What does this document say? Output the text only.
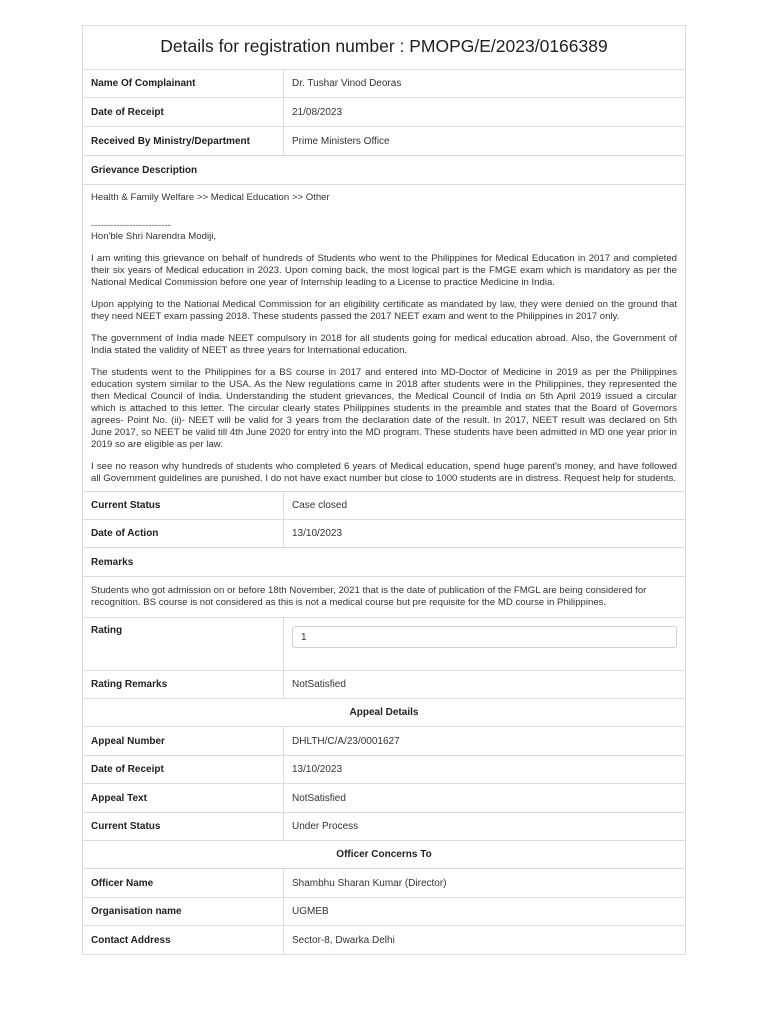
Details for registration number : PMOPG/E/2023/0166389
Name Of Complainant	Dr. Tushar Vinod Deoras
Date of Receipt	21/08/2023
Received By Ministry/Department	Prime Ministers Office
Grievance Description

Health & Family Welfare >> Medical Education >> Other

-------------------------

Hon'ble Shri Narendra Modiji,

I am writing this grievance on behalf of hundreds of Students who went to the Philippines for Medical Education in 2017 and completed their six years of Medical education in 2023. Upon coming back, the most logical part is the FMGE exam which is mandatory as per the National Medical Commission before one year of Internship leading to a License to practice Medicine in India.

Upon applying to the National Medical Commission for an eligibility certificate as mandated by law, they were denied on the ground that they need NEET exam passing 2018. These students passed the 2017 NEET exam and went to the Philippines in 2017 only.

The government of India made NEET compulsory in 2018 for all students going for medical education abroad. Also, the Government of India stated the validity of NEET as three years for International education.

The students went to the Philippines for a BS course in 2017 and entered into MD-Doctor of Medicine in 2019 as per the Philippines education system similar to the USA. As the New regulations came in 2018 after students were in the Philippines, they represented the then Medical Council of India. Understanding the student grievances, the Medical Council of India on 5th April 2019 issued a circular which is attached to this letter. The circular clearly states Philippines students in the preamble and states that the Board of Governors agrees- Point No. (ii)- NEET will be valid for 3 years from the declaration date of the result. In 2017, NEET result was declared on 5th June 2017, so NEET be valid till 4th June 2020 for entry into the MD program. These students have been admitted in MD one year prior in 2019 so are eligible as per law.

I see no reason why hundreds of students who completed 6 years of Medical education, spend huge parent's money, and have followed all Government guidelines are punished. I do not have exact number but close to 1000 students are in distress. Request help for students.

Current Status	Case closed
Date of Action	13/10/2023
Remarks
Students who got admission on or before 18th November, 2021 that is the date of publication of the FMGL are being considered for recognition. BS course is not considered as this is not a medical course but pre requisite for the MD course in Philippines.
Rating
1
Rating Remarks	NotSatisfied
Appeal Details
Appeal Number	DHLTH/C/A/23/0001627
Date of Receipt	13/10/2023
Appeal Text	NotSatisfied
Current Status	Under Process
Officer Concerns To
Officer Name	Shambhu Sharan Kumar (Director)
Organisation name	UGMEB
Contact Address	Sector-8, Dwarka Delhi
